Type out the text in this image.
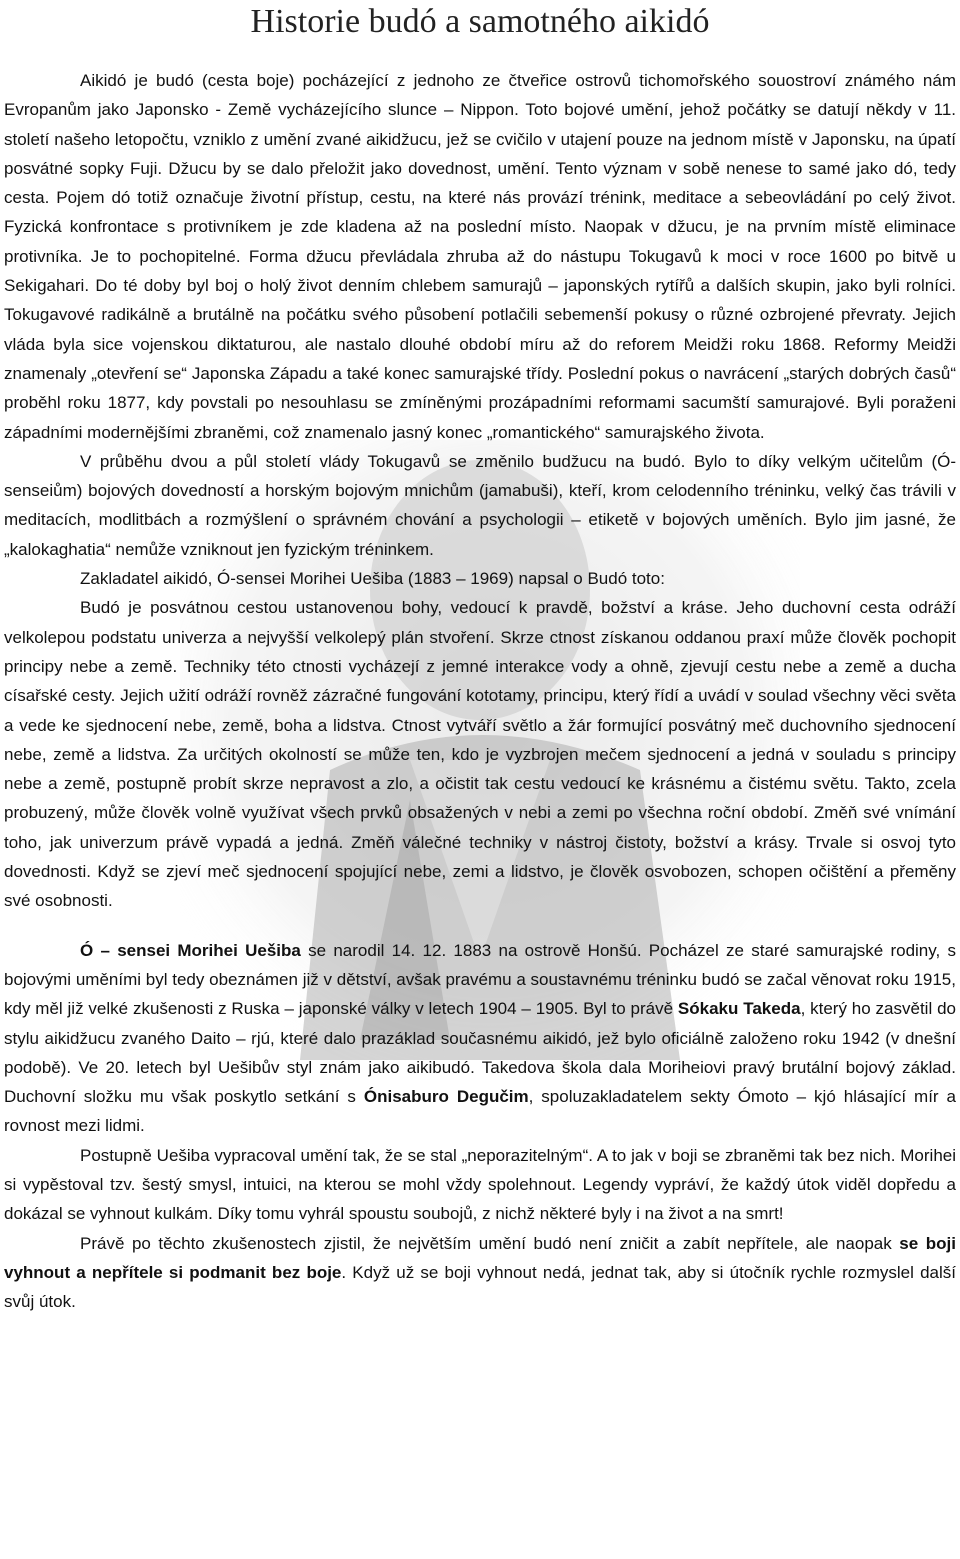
Historie budó a samotného aikidó

Aikidó je budó (cesta boje) pocházející z jednoho ze čtveřice ostrovů tichomořského souostroví známého nám Evropanům jako Japonsko - Země vycházejícího slunce – Nippon. Toto bojové umění, jehož počátky se datují někdy v 11. století našeho letopočtu, vzniklo z umění zvané aikidžucu, jež se cvičilo v utajení pouze na jednom místě v Japonsku, na úpatí posvátné sopky Fuji. Džucu by se dalo přeložit jako dovednost, umění. Tento význam v sobě nenese to samé jako dó, tedy cesta. Pojem dó totiž označuje životní přístup, cestu, na které nás provází trénink, meditace a sebeovládání po celý život. Fyzická konfrontace s protivníkem je zde kladena až na poslední místo. Naopak v džucu, je na prvním místě eliminace protivníka. Je to pochopitelné. Forma džucu převládala zhruba až do nástupu Tokugavů k moci v roce 1600 po bitvě u Sekigahari. Do té doby byl boj o holý život denním chlebem samurajů – japonských rytířů a dalších skupin, jako byli rolníci. Tokugavové radikálně a brutálně na počátku svého působení potlačili sebemenší pokusy o různé ozbrojené převraty. Jejich vláda byla sice vojenskou diktaturou, ale nastalo dlouhé období míru až do reforem Meidži roku 1868. Reformy Meidži znamenaly „otevření se“ Japonska Západu a také konec samurajské třídy. Poslední pokus o navrácení „starých dobrých časů“ proběhl roku 1877, kdy povstali po nesouhlasu se zmíněnými prozápadními reformami sacumští samurajové. Byli poraženi západními modernějšími zbraněmi, což znamenalo jasný konec „romantického“ samurajského života.

V průběhu dvou a půl století vlády Tokugavů se změnilo budžucu na budó. Bylo to díky velkým učitelům (Ó-senseiům) bojových dovedností a horským bojovým mnichům (jamabuši), kteří, krom celodenního tréninku, velký čas trávili v meditacích, modlitbách a rozmýšlení o správném chování a psychologii – etiketě v bojových uměních. Bylo jim jasné, že „kalokaghatia“ nemůže vzniknout jen fyzickým tréninkem.

Zakladatel aikidó, Ó-sensei Morihei Uešiba (1883 – 1969) napsal o Budó toto:

Budó je posvátnou cestou ustanovenou bohy, vedoucí k pravdě, božství a kráse. Jeho duchovní cesta odráží velkolepou podstatu univerza a nejvyšší velkolepý plán stvoření. Skrze ctnost získanou oddanou praxí může člověk pochopit principy nebe a země. Techniky této ctnosti vycházejí z jemné interakce vody a ohně, zjevují cestu nebe a země a ducha císařské cesty. Jejich užití odráží rovněž zázračné fungování kototamy, principu, který řídí a uvádí v soulad všechny věci světa a vede ke sjednocení nebe, země, boha a lidstva. Ctnost vytváří světlo a žár formující posvátný meč duchovního sjednocení nebe, země a lidstva. Za určitých okolností se může ten, kdo je vyzbrojen mečem sjednocení a jedná v souladu s principy nebe a země, postupně probít skrze nepravost a zlo, a očistit tak cestu vedoucí ke krásnému a čistému světu. Takto, zcela probuzený, může člověk volně využívat všech prvků obsažených v nebi a zemi po všechna roční období. Změň své vnímání toho, jak univerzum právě vypadá a jedná. Změň válečné techniky v nástroj čistoty, božství a krásy. Trvale si osvoj tyto dovednosti. Když se zjeví meč sjednocení spojující nebe, zemi a lidstvo, je člověk osvobozen, schopen očištění a přeměny své osobnosti.

Ó – sensei Morihei Uešiba se narodil 14. 12. 1883 na ostrově Honšú. Pocházel ze staré samurajské rodiny, s bojovými uměními byl tedy obeznámen již v dětství, avšak pravému a soustavnému tréninku budó se začal věnovat roku 1915, kdy měl již velké zkušenosti z Ruska – japonské války v letech 1904 – 1905. Byl to právě Sókaku Takeda, který ho zasvětil do stylu aikidžucu zvaného Daito – rjú, které dalo prazáklad současnému aikidó, jež bylo oficiálně založeno roku 1942 (v dnešní podobě). Ve 20. letech byl Uešibův styl znám jako aikibudó. Takedova škola dala Moriheiovi pravý brutální bojový základ. Duchovní složku mu však poskytlo setkání s Ónisaburo Degučim, spoluzakladatelem sekty Ómoto – kjó hlásající mír a rovnost mezi lidmi.

Postupně Uešiba vypracoval umění tak, že se stal „neporazitelným“. A to jak v boji se zbraněmi tak bez nich. Morihei si vypěstoval tzv. šestý smysl, intuici, na kterou se mohl vždy spolehnout. Legendy vypráví, že každý útok viděl dopředu a dokázal se vyhnout kulkám. Díky tomu vyhrál spoustu soubojů, z nichž některé byly i na život a na smrt!

Právě po těchto zkušenostech zjistil, že největším umění budó není zničit a zabít nepřítele, ale naopak se boji vyhnout a nepřítele si podmanit bez boje. Když už se boji vyhnout nedá, jednat tak, aby si útočník rychle rozmyslel další svůj útok.
